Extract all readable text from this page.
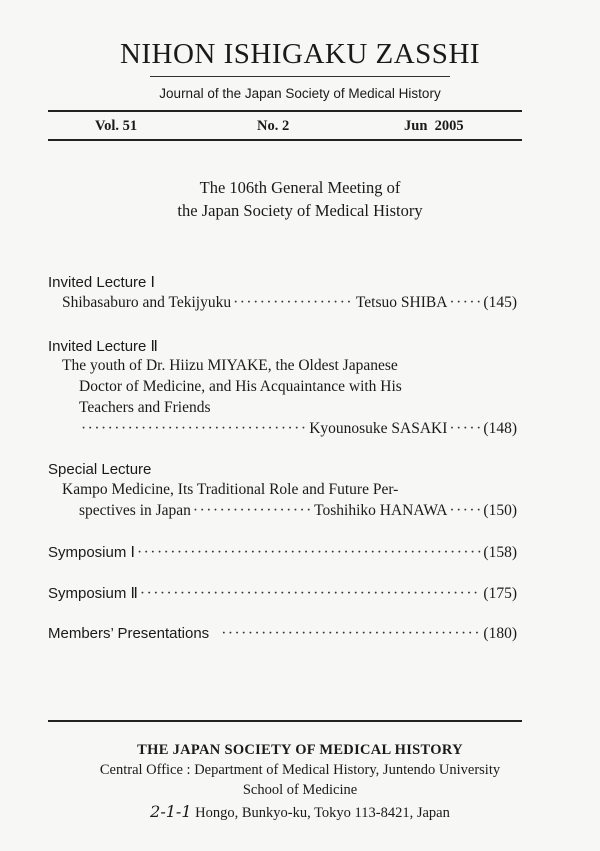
NIHON ISHIGAKU ZASSHI
Journal of the Japan Society of Medical History
Vol. 51	No. 2	Jun  2005
The 106th General Meeting of
the Japan Society of Medical History
Invited Lecture Ⅰ
Shibasaburo and Tekijyuku ·····	Tetsuo SHIBA ····· (145)
Invited Lecture Ⅱ
The youth of Dr. Hiizu MIYAKE, the Oldest Japanese
Doctor of Medicine, and His Acquaintance with His
Teachers and Friends
·····
Kyounosuke SASAKI ····· (148)
Special Lecture
Kampo Medicine, Its Traditional Role and Future Per-
spectives in Japan ·····	Toshihiko HANAWA ····· (150)
Symposium Ⅰ ·····	(158)
Symposium Ⅱ ·····	(175)
Members’ Presentations ·····	(180)
THE JAPAN SOCIETY OF MEDICAL HISTORY
Central Office : Department of Medical History, Juntendo University
School of Medicine
2-1-1 Hongo, Bunkyo-ku, Tokyo 113-8421, Japan
